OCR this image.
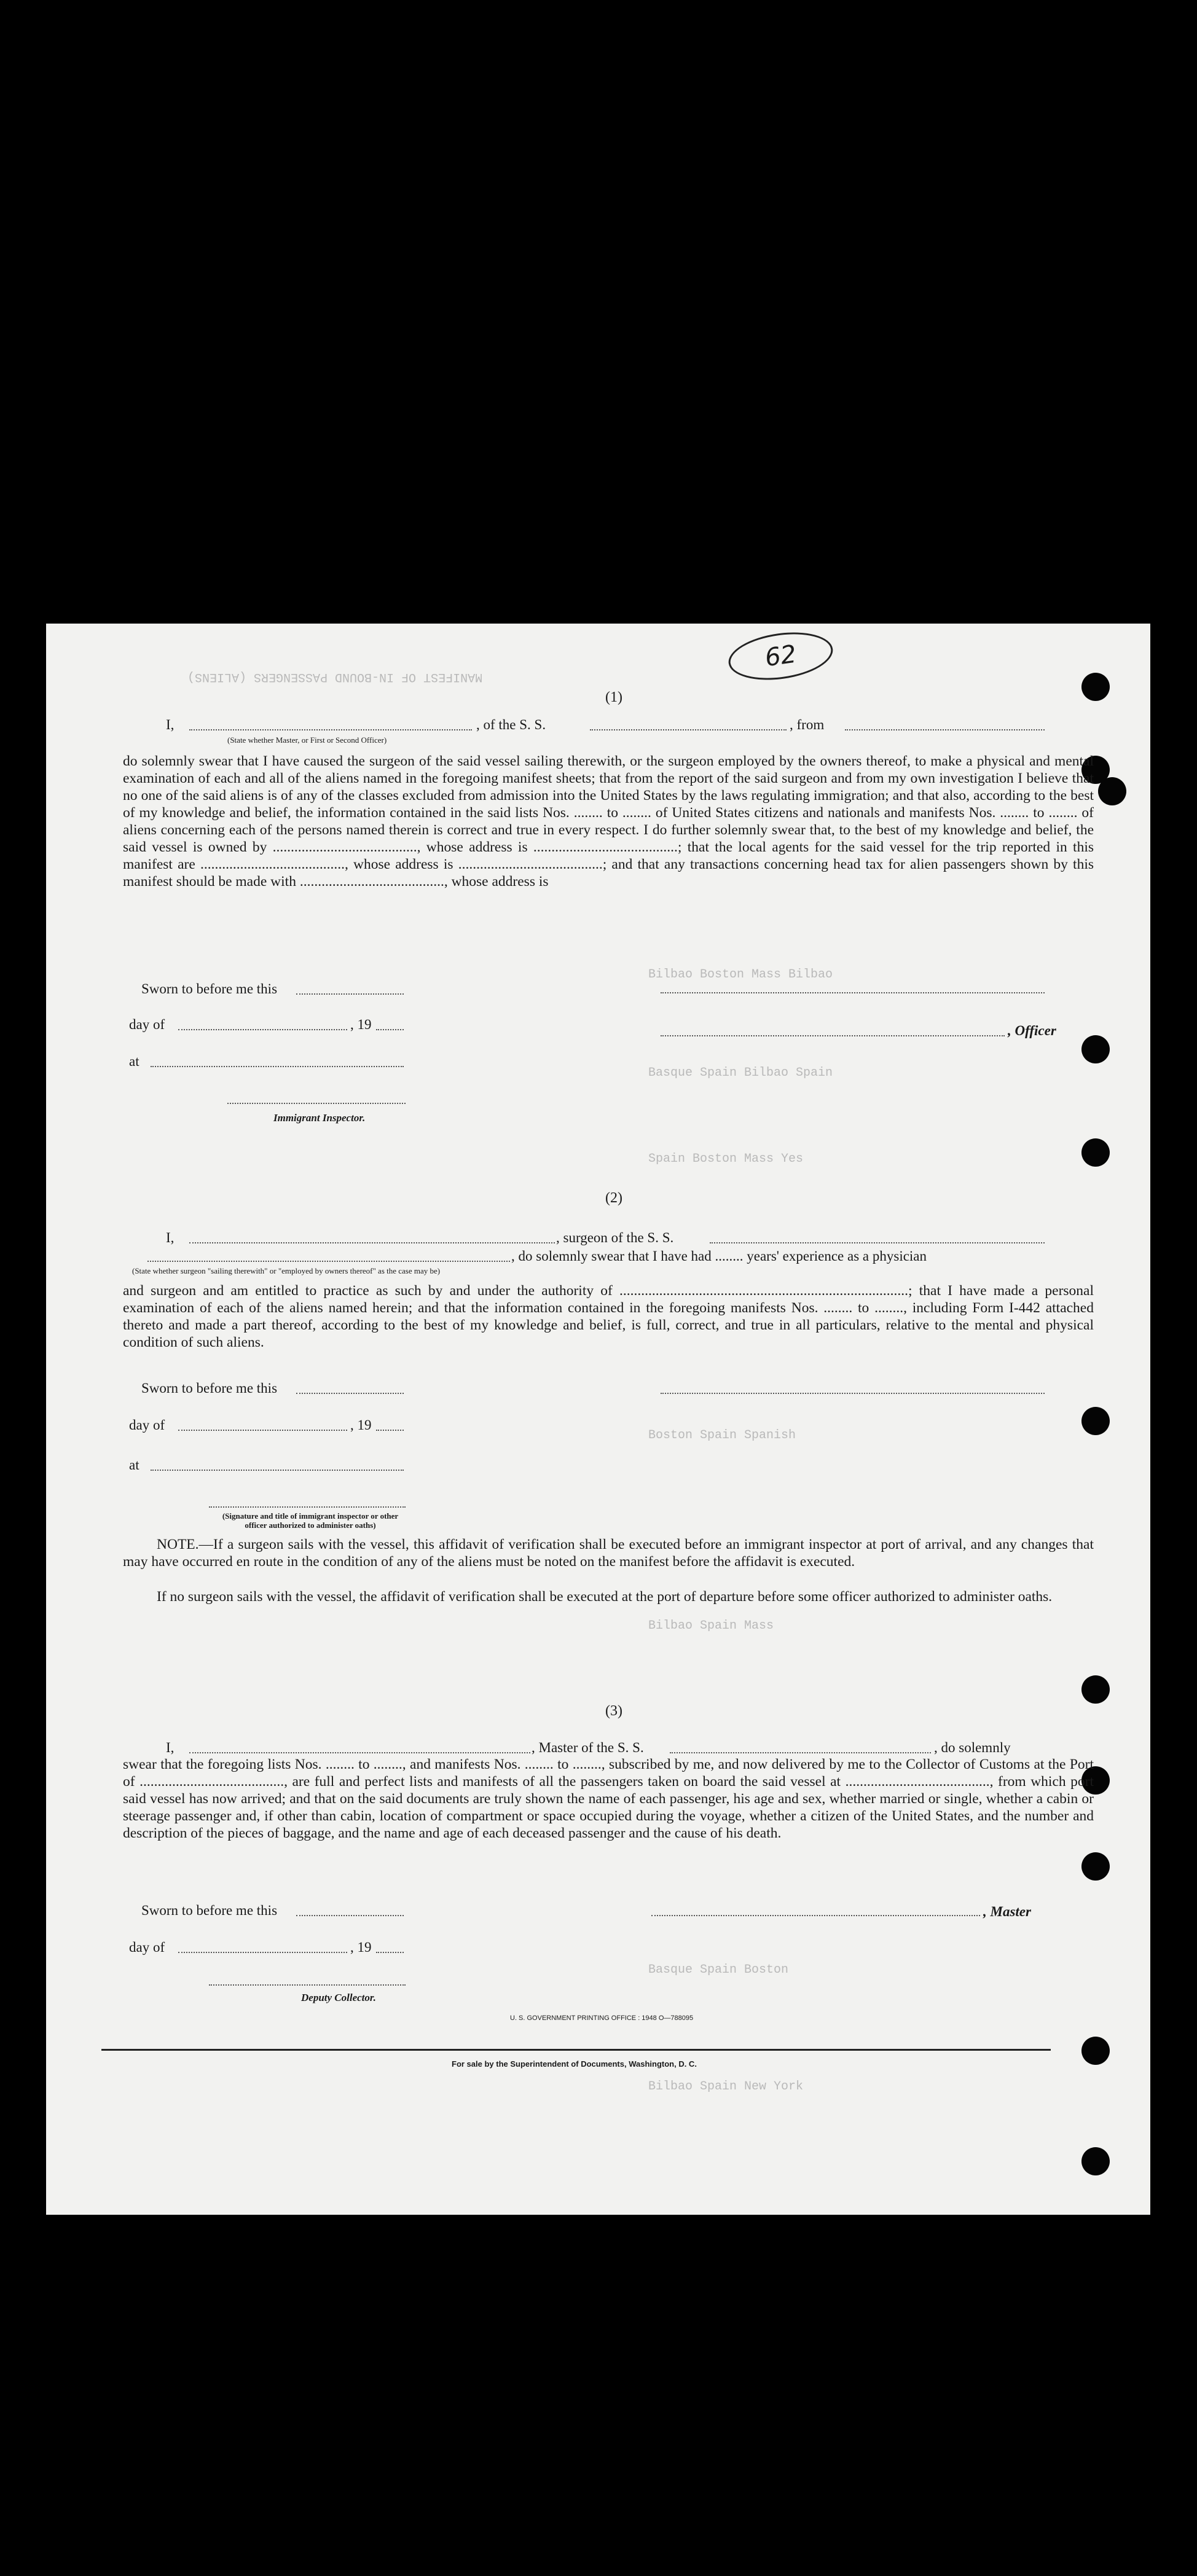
MANIFEST OF IN-BOUND PASSENGERS (ALIENS)
Bilbao Boston Mass Bilbao
Basque Spain Bilbao Spain
Spain Boston Mass Yes
Boston Spain Spanish
Bilbao Spain Mass
Basque Spain Boston
Bilbao Spain New York
62
(1)
I,	, of the S. S.	, from
(State whether Master, or First or Second Officer)

do solemnly swear that I have caused the surgeon of the said vessel sailing therewith, or the surgeon employed by the owners thereof, to make a physical and mental examination of each and all of the aliens named in the foregoing manifest sheets; that from the report of the said surgeon and from my own investigation I believe that no one of the said aliens is of any of the classes excluded from admission into the United States by the laws regulating immigration; and that also, according to the best of my knowledge and belief, the information contained in the said lists Nos. ........ to ........ of United States citizens and nationals and manifests Nos. ........ to ........ of aliens concerning each of the persons named therein is correct and true in every respect. I do further solemnly swear that, to the best of my knowledge and belief, the said vessel is owned by ........................................, whose address is ........................................; that the local agents for the said vessel for the trip reported in this manifest are ........................................, whose address is ........................................; and that any transactions concerning head tax for alien passengers shown by this manifest should be made with ........................................, whose address is

Sworn to before me this
day of	, 19	, Officer
at
Immigrant Inspector.
(2)
I,	, surgeon of the S. S.
, do solemnly swear that I have had ........ years' experience as a physician
(State whether surgeon "sailing therewith" or "employed by owners thereof" as the case may be)

and surgeon and am entitled to practice as such by and under the authority of ................................................................................; that I have made a personal examination of each of the aliens named herein; and that the information contained in the foregoing manifests Nos. ........ to ........, including Form I-442 attached thereto and made a part thereof, according to the best of my knowledge and belief, is full, correct, and true in all particulars, relative to the mental and physical condition of such aliens.

Sworn to before me this
day of	, 19
at
(Signature and title of immigrant inspector or other officer authorized to administer oaths)

NOTE.—If a surgeon sails with the vessel, this affidavit of verification shall be executed before an immigrant inspector at port of arrival, and any changes that may have occurred en route in the condition of any of the aliens must be noted on the manifest before the affidavit is executed.

If no surgeon sails with the vessel, the affidavit of verification shall be executed at the port of departure before some officer authorized to administer oaths.

(3)
I,	, Master of the S. S.	, do solemnly

swear that the foregoing lists Nos. ........ to ........, and manifests Nos. ........ to ........, subscribed by me, and now delivered by me to the Collector of Customs at the Port of ........................................, are full and perfect lists and manifests of all the passengers taken on board the said vessel at ........................................, from which port said vessel has now arrived; and that on the said documents are truly shown the name of each passenger, his age and sex, whether married or single, whether a cabin or steerage passenger and, if other than cabin, location of compartment or space occupied during the voyage, whether a citizen of the United States, and the number and description of the pieces of baggage, and the name and age of each deceased passenger and the cause of his death.

Sworn to before me this	, Master
day of	, 19
Deputy Collector.
U. S. GOVERNMENT PRINTING OFFICE : 1948 O—788095
For sale by the Superintendent of Documents, Washington, D. C.
